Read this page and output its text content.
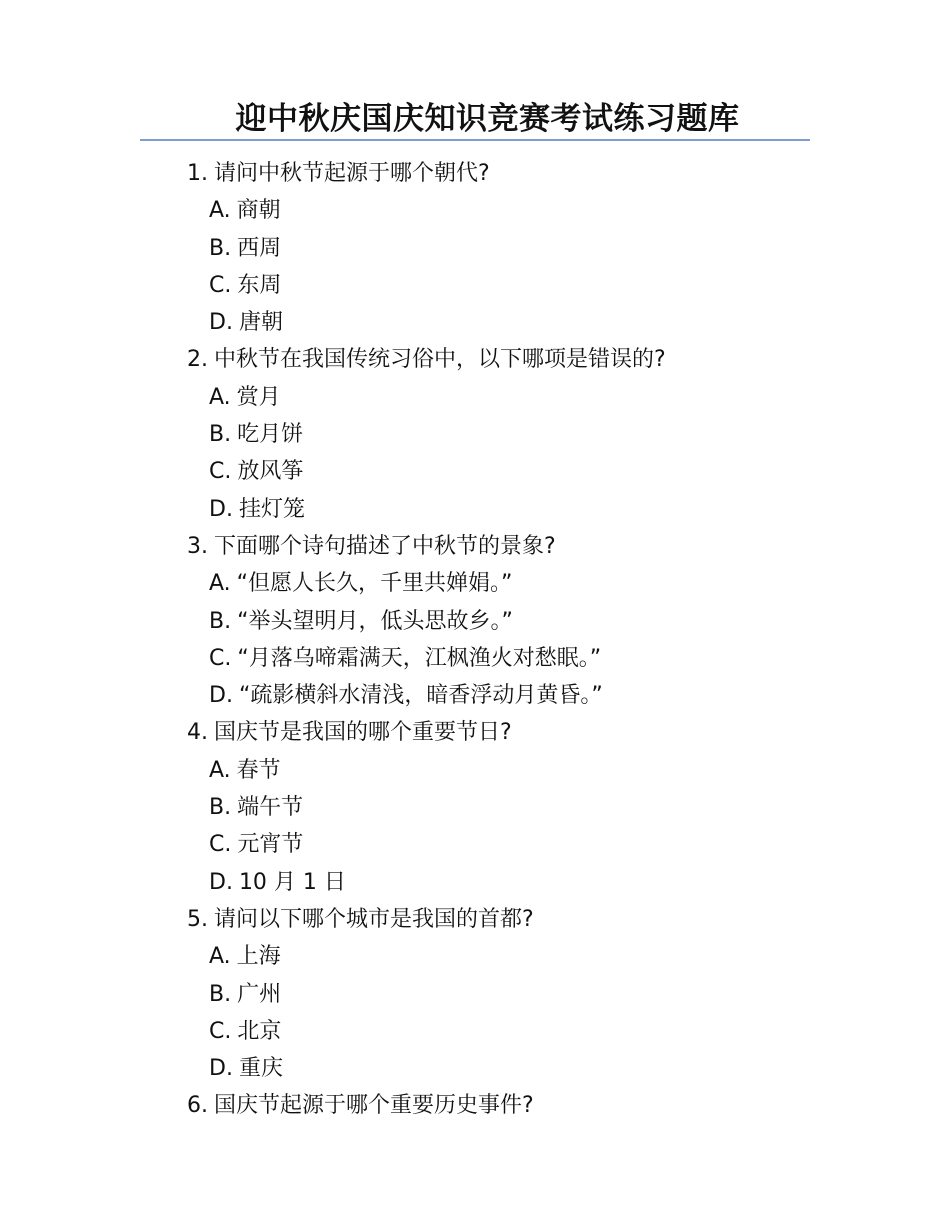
迎中秋庆国庆知识竞赛考试练习题库
1. 请问中秋节起源于哪个朝代?
A. 商朝
B. 西周
C. 东周
D. 唐朝
2. 中秋节在我国传统习俗中，以下哪项是错误的?
A. 赏月
B. 吃月饼
C. 放风筝
D. 挂灯笼
3. 下面哪个诗句描述了中秋节的景象?
A. “但愿人长久，千里共婵娟。”
B. “举头望明月，低头思故乡。”
C. “月落乌啼霜满天，江枫渔火对愁眠。”
D. “疏影横斜水清浅，暗香浮动月黄昏。”
4. 国庆节是我国的哪个重要节日?
A. 春节
B. 端午节
C. 元宵节
D. 10 月 1 日
5. 请问以下哪个城市是我国的首都?
A. 上海
B. 广州
C. 北京
D. 重庆
6. 国庆节起源于哪个重要历史事件?
